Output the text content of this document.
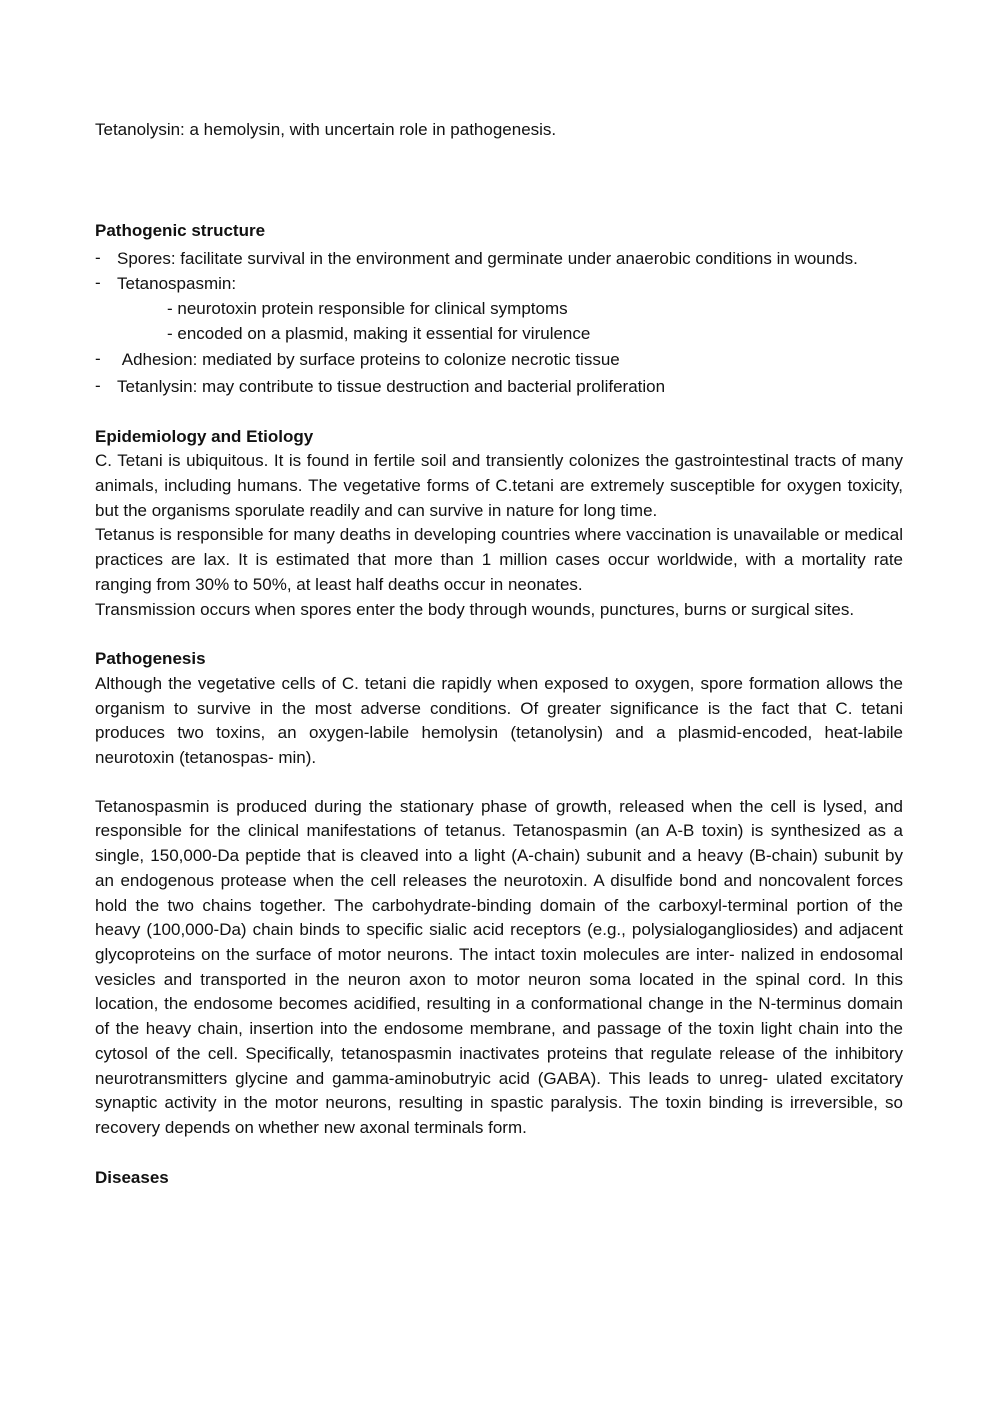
Tetanolysin: a hemolysin, with uncertain role in pathogenesis.

Pathogenic structure

- Spores: facilitate survival in the environment and germinate under anaerobic conditions in wounds.
- Tetanospasmin:
- neurotoxin protein responsible for clinical symptoms
- encoded on a plasmid, making it essential for virulence
- Adhesion: mediated by surface proteins to colonize necrotic tissue
- Tetanlysin: may contribute to tissue destruction and bacterial proliferation

Epidemiology and Etiology

C. Tetani is ubiquitous. It is found in fertile soil and transiently colonizes the gastrointestinal tracts of many animals, including humans. The vegetative forms of C.tetani are extremely susceptible for oxygen toxicity, but the organisms sporulate readily and can survive in nature for long time.

Tetanus is responsible for many deaths in developing countries where vaccination is unavailable or medical practices are lax. It is estimated that more than 1 million cases occur worldwide, with a mortality rate ranging from 30% to 50%, at least half deaths occur in neonates.

Transmission occurs when spores enter the body through wounds, punctures, burns or surgical sites.

Pathogenesis

Although the vegetative cells of C. tetani die rapidly when exposed to oxygen, spore formation allows the organism to survive in the most adverse conditions. Of greater significance is the fact that C. tetani produces two toxins, an oxygen-labile hemolysin (tetanolysin) and a plasmid-encoded, heat-labile neurotoxin (tetanospas- min).

Tetanospasmin is produced during the stationary phase of growth, released when the cell is lysed, and responsible for the clinical manifestations of tetanus. Tetanospasmin (an A-B toxin) is synthesized as a single, 150,000-Da peptide that is cleaved into a light (A-chain) subunit and a heavy (B-chain) subunit by an endogenous protease when the cell releases the neurotoxin. A disulfide bond and noncovalent forces hold the two chains together. The carbohydrate-binding domain of the carboxyl-terminal portion of the heavy (100,000-Da) chain binds to specific sialic acid receptors (e.g., polysialogangliosides) and adjacent glycoproteins on the surface of motor neurons. The intact toxin molecules are inter- nalized in endosomal vesicles and transported in the neuron axon to motor neuron soma located in the spinal cord. In this location, the endosome becomes acidified, resulting in a conformational change in the N-terminus domain of the heavy chain, insertion into the endosome membrane, and passage of the toxin light chain into the cytosol of the cell. Specifically, tetanospasmin inactivates proteins that regulate release of the inhibitory neurotransmitters glycine and gamma-aminobutryic acid (GABA). This leads to unreg- ulated excitatory synaptic activity in the motor neurons, resulting in spastic paralysis. The toxin binding is irreversible, so recovery depends on whether new axonal terminals form.

Diseases
